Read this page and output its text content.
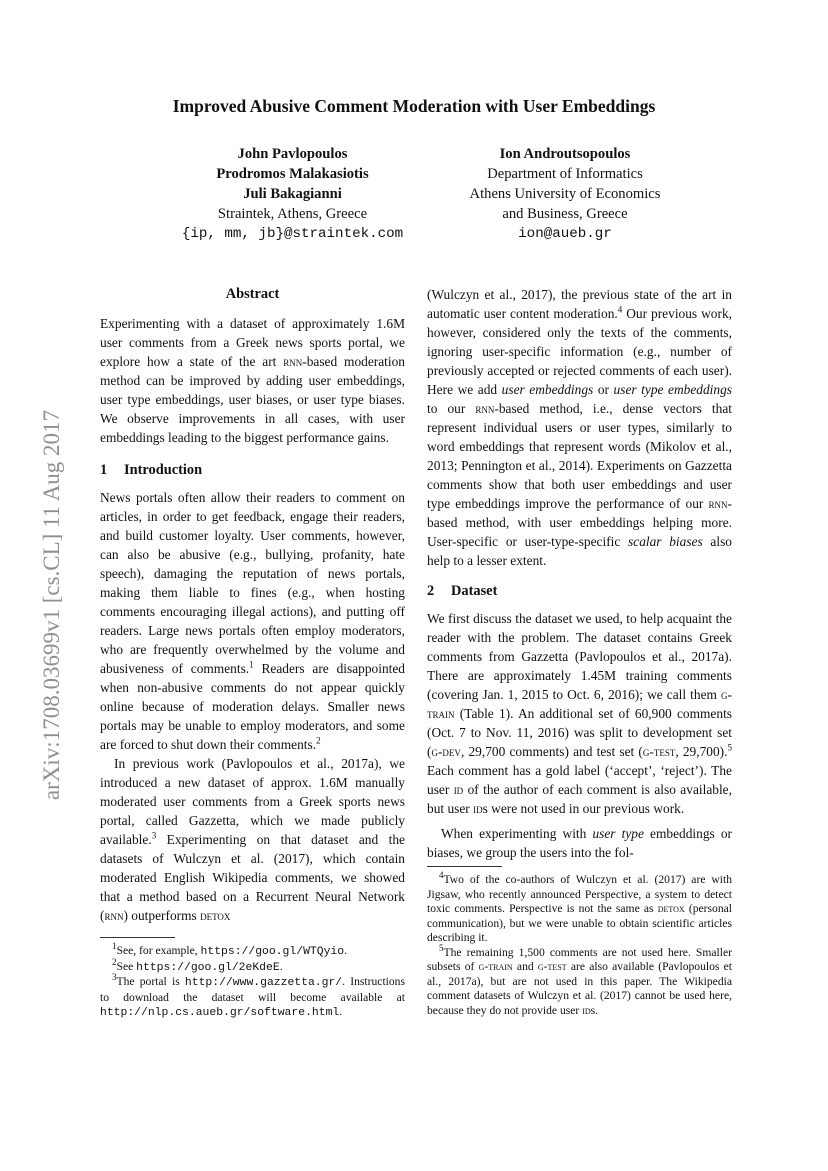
arXiv:1708.03699v1 [cs.CL] 11 Aug 2017
Improved Abusive Comment Moderation with User Embeddings
John Pavlopoulos
Prodromos Malakasiotis
Juli Bakagianni
Straintek, Athens, Greece
{ip, mm, jb}@straintek.com
Ion Androutsopoulos
Department of Informatics
Athens University of Economics
and Business, Greece
ion@aueb.gr
Abstract

Experimenting with a dataset of approximately 1.6M user comments from a Greek news sports portal, we explore how a state of the art rnn-based moderation method can be improved by adding user embeddings, user type embeddings, user biases, or user type biases. We observe improvements in all cases, with user embeddings leading to the biggest performance gains.

1 Introduction

News portals often allow their readers to comment on articles, in order to get feedback, engage their readers, and build customer loyalty. User comments, however, can also be abusive (e.g., bullying, profanity, hate speech), damaging the reputation of news portals, making them liable to fines (e.g., when hosting comments encouraging illegal actions), and putting off readers. Large news portals often employ moderators, who are frequently overwhelmed by the volume and abusiveness of comments.$^1$ Readers are disappointed when non-abusive comments do not appear quickly online because of moderation delays. Smaller news portals may be unable to employ moderators, and some are forced to shut down their comments.$^2$

In previous work (Pavlopoulos et al., 2017a), we introduced a new dataset of approx. 1.6M manually moderated user comments from a Greek sports news portal, called Gazzetta, which we made publicly available.$^3$ Experimenting on that dataset and the datasets of Wulczyn et al. (2017), which contain moderated English Wikipedia comments, we showed that a method based on a Recurrent Neural Network (rnn) outperforms detox

$^1$See, for example, https://goo.gl/WTQyio.

$^2$See https://goo.gl/2eKdeE.

$^3$The portal is http://www.gazzetta.gr/. Instructions to download the dataset will become available at http://nlp.cs.aueb.gr/software.html.

(Wulczyn et al., 2017), the previous state of the art in automatic user content moderation.$^4$ Our previous work, however, considered only the texts of the comments, ignoring user-specific information (e.g., number of previously accepted or rejected comments of each user). Here we add user embeddings or user type embeddings to our rnn-based method, i.e., dense vectors that represent individual users or user types, similarly to word embeddings that represent words (Mikolov et al., 2013; Pennington et al., 2014). Experiments on Gazzetta comments show that both user embeddings and user type embeddings improve the performance of our rnn-based method, with user embeddings helping more. User-specific or user-type-specific scalar biases also help to a lesser extent.

2 Dataset

We first discuss the dataset we used, to help acquaint the reader with the problem. The dataset contains Greek comments from Gazzetta (Pavlopoulos et al., 2017a). There are approximately 1.45M training comments (covering Jan. 1, 2015 to Oct. 6, 2016); we call them g-train (Table 1). An additional set of 60,900 comments (Oct. 7 to Nov. 11, 2016) was split to development set (g-dev, 29,700 comments) and test set (g-test, 29,700).$^5$ Each comment has a gold label (‘accept’, ‘reject’). The user id of the author of each comment is also available, but user ids were not used in our previous work.

When experimenting with user type embeddings or biases, we group the users into the fol-

$^4$Two of the co-authors of Wulczyn et al. (2017) are with Jigsaw, who recently announced Perspective, a system to detect toxic comments. Perspective is not the same as detox (personal communication), but we were unable to obtain scientific articles describing it.

$^5$The remaining 1,500 comments are not used here. Smaller subsets of g-train and g-test are also available (Pavlopoulos et al., 2017a), but are not used in this paper. The Wikipedia comment datasets of Wulczyn et al. (2017) cannot be used here, because they do not provide user ids.
